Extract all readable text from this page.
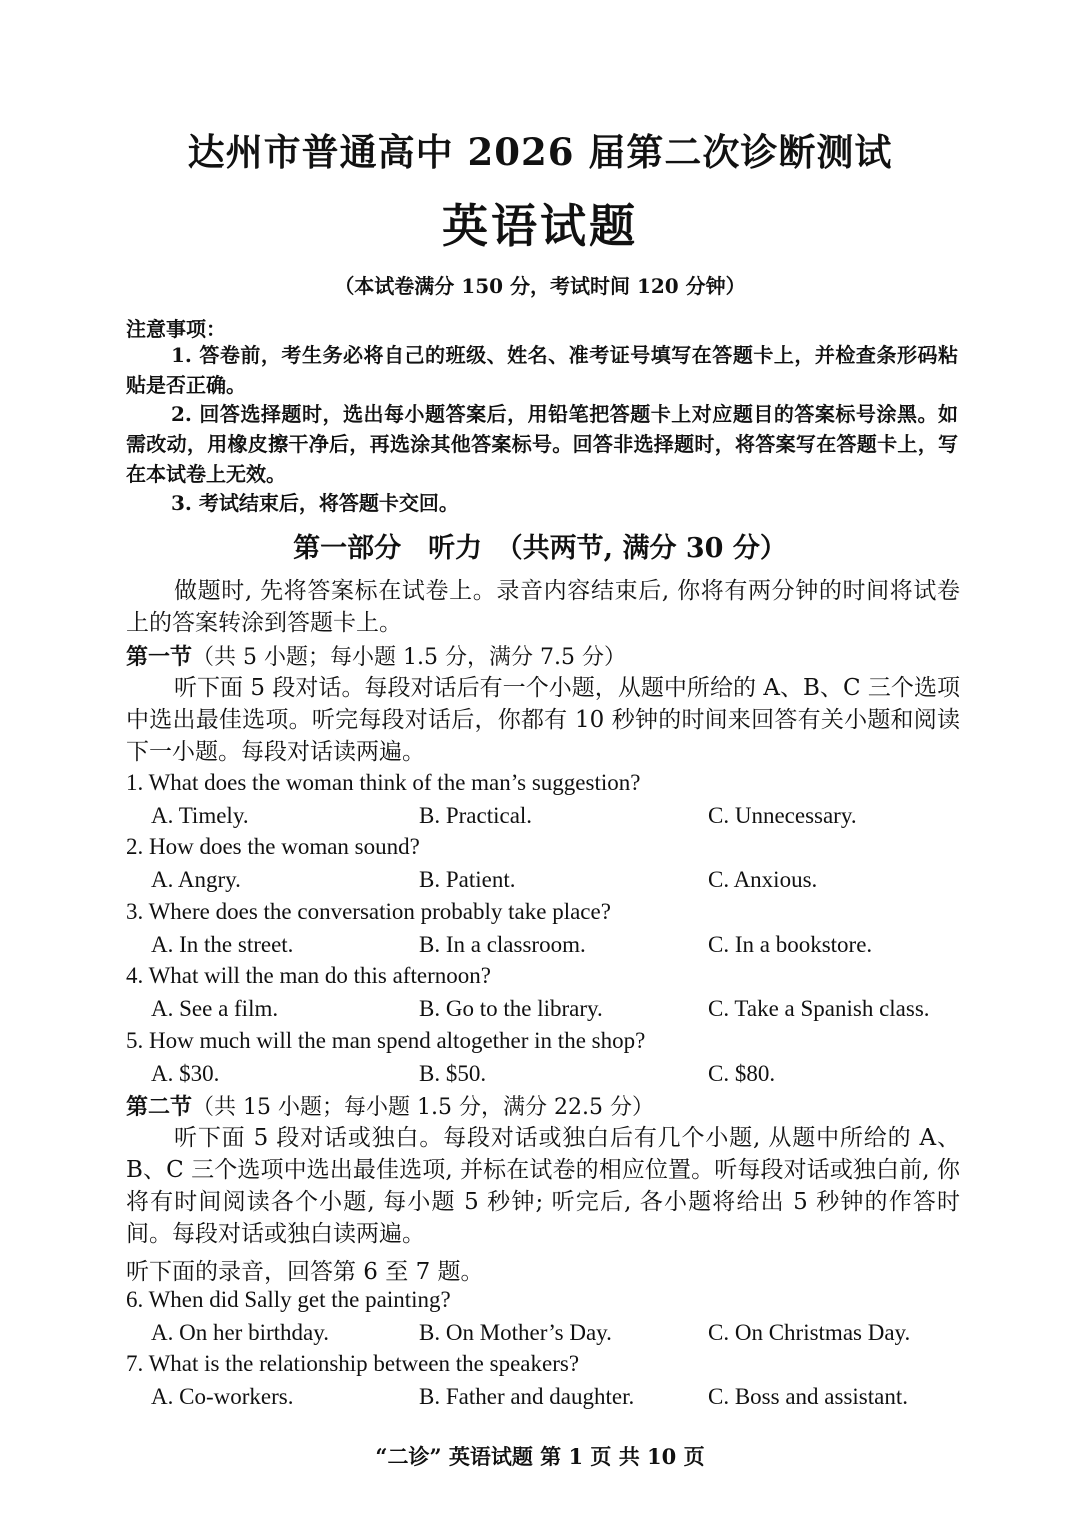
达州市普通高中 2026 届第二次诊断测试
英语试题
（本试卷满分 150 分，考试时间 120 分钟）
注意事项：
1. 答卷前，考生务必将自己的班级、姓名、准考证号填写在答题卡上，并检查条形码粘贴是否正确。
2. 回答选择题时，选出每小题答案后，用铅笔把答题卡上对应题目的答案标号涂黑。如需改动，用橡皮擦干净后，再选涂其他答案标号。回答非选择题时，将答案写在答题卡上，写在本试卷上无效。
3. 考试结束后，将答题卡交回。
第一部分　听力　（共两节, 满分 30 分）
做题时, 先将答案标在试卷上。录音内容结束后, 你将有两分钟的时间将试卷上的答案转涂到答题卡上。
第一节（共 5 小题；每小题 1.5 分，满分 7.5 分）
听下面 5 段对话。每段对话后有一个小题，从题中所给的 A、B、C 三个选项中选出最佳选项。听完每段对话后，你都有 10 秒钟的时间来回答有关小题和阅读下一小题。每段对话读两遍。
1. What does the woman think of the man’s suggestion?
A. Timely.	B. Practical.	C. Unnecessary.
2. How does the woman sound?
A. Angry.	B. Patient.	C. Anxious.
3. Where does the conversation probably take place?
A. In the street.	B. In a classroom.	C. In a bookstore.
4. What will the man do this afternoon?
A. See a film.	B. Go to the library.	C. Take a Spanish class.
5. How much will the man spend altogether in the shop?
A. $30.	B. $50.	C. $80.
第二节（共 15 小题；每小题 1.5 分，满分 22.5 分）
听下面 5 段对话或独白。每段对话或独白后有几个小题, 从题中所给的 A、B、C 三个选项中选出最佳选项, 并标在试卷的相应位置。听每段对话或独白前, 你将有时间阅读各个小题, 每小题 5 秒钟; 听完后, 各小题将给出 5 秒钟的作答时间。每段对话或独白读两遍。
听下面的录音，回答第 6 至 7 题。
6. When did Sally get the painting?
A. On her birthday.	B. On Mother’s Day.	C. On Christmas Day.
7. What is the relationship between the speakers?
A. Co-workers.	B. Father and daughter.	C. Boss and assistant.
“二诊” 英语试题 第 1 页 共 10 页
